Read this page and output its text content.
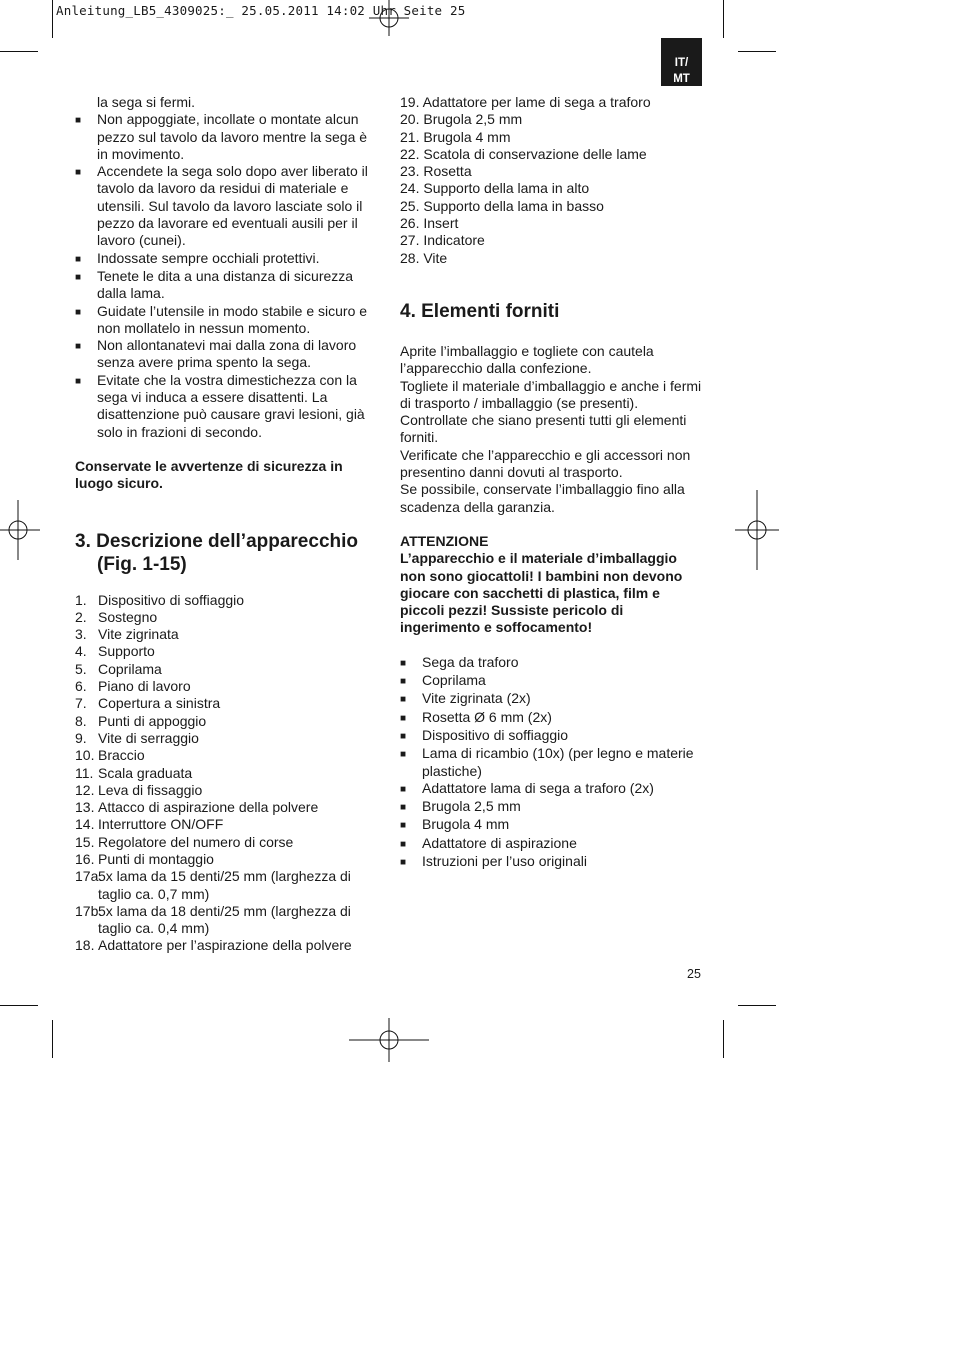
Anleitung_LB5_4309025:_ 25.05.2011 14:02 Uhr Seite 25
IT/
MT

la sega si fermi.

■	Non appoggiate, incollate o montate alcun pezzo sul tavolo da lavoro mentre la sega è in movimento.
■	Accendete la sega solo dopo aver liberato il tavolo da lavoro da residui di materiale e utensili. Sul tavolo da lavoro lasciate solo il pezzo da lavorare ed eventuali ausili per il lavoro (cunei).
■	Indossate sempre occhiali protettivi.
■	Tenete le dita a una distanza di sicurezza dalla lama.
■	Guidate l’utensile in modo stabile e sicuro e non mollatelo in nessun momento.
■	Non allontanatevi mai dalla zona di lavoro senza avere prima spento la sega.
■	Evitate che la vostra dimestichezza con la sega vi induca a essere disattenti. La disattenzione può causare gravi lesioni, già solo in frazioni di secondo.

Conservate le avvertenze di sicurezza in luogo sicuro.

3. Descrizione dell’apparecchio
(Fig. 1-15)
1. Dispositivo di soffiaggio
2. Sostegno
3. Vite zigrinata
4. Supporto
5. Coprilama
6. Piano di lavoro
7. Copertura a sinistra
8. Punti di appoggio
9. Vite di serraggio
10. Braccio
11. Scala graduata
12. Leva di fissaggio
13. Attacco di aspirazione della polvere
14. Interruttore ON/OFF
15. Regolatore del numero di corse
16. Punti di montaggio
17a.
5x lama da 15 denti/25 mm (larghezza di taglio ca. 0,7 mm)
17b.
5x lama da 18 denti/25 mm (larghezza di taglio ca. 0,4 mm)
18. Adattatore per l’aspirazione della polvere

19. Adattatore per lame di sega a traforo

20. Brugola 2,5 mm

21. Brugola 4 mm

22. Scatola di conservazione delle lame

23. Rosetta

24. Supporto della lama in alto

25. Supporto della lama in basso

26. Insert

27. Indicatore

28. Vite

4. Elementi forniti

Aprite l’imballaggio e togliete con cautela l’apparecchio dalla confezione.

Togliete il materiale d’imballaggio e anche i fermi di trasporto / imballaggio (se presenti).

Controllate che siano presenti tutti gli elementi forniti.

Verificate che l’apparecchio e gli accessori non presentino danni dovuti al trasporto.

Se possibile, conservate l’imballaggio fino alla scadenza della garanzia.

ATTENZIONE

L’apparecchio e il materiale d’imballaggio non sono giocattoli! I bambini non devono giocare con sacchetti di plastica, film e piccoli pezzi! Sussiste pericolo di ingerimento e soffocamento!

■	Sega da traforo
■	Coprilama
■	Vite zigrinata (2x)
■	Rosetta Ø 6 mm (2x)
■	Dispositivo di soffiaggio
■	Lama di ricambio (10x) (per legno e materie plastiche)
■	Adattatore lama di sega a traforo (2x)
■	Brugola 2,5 mm
■	Brugola 4 mm
■	Adattatore di aspirazione
■	Istruzioni per l’uso originali
25
